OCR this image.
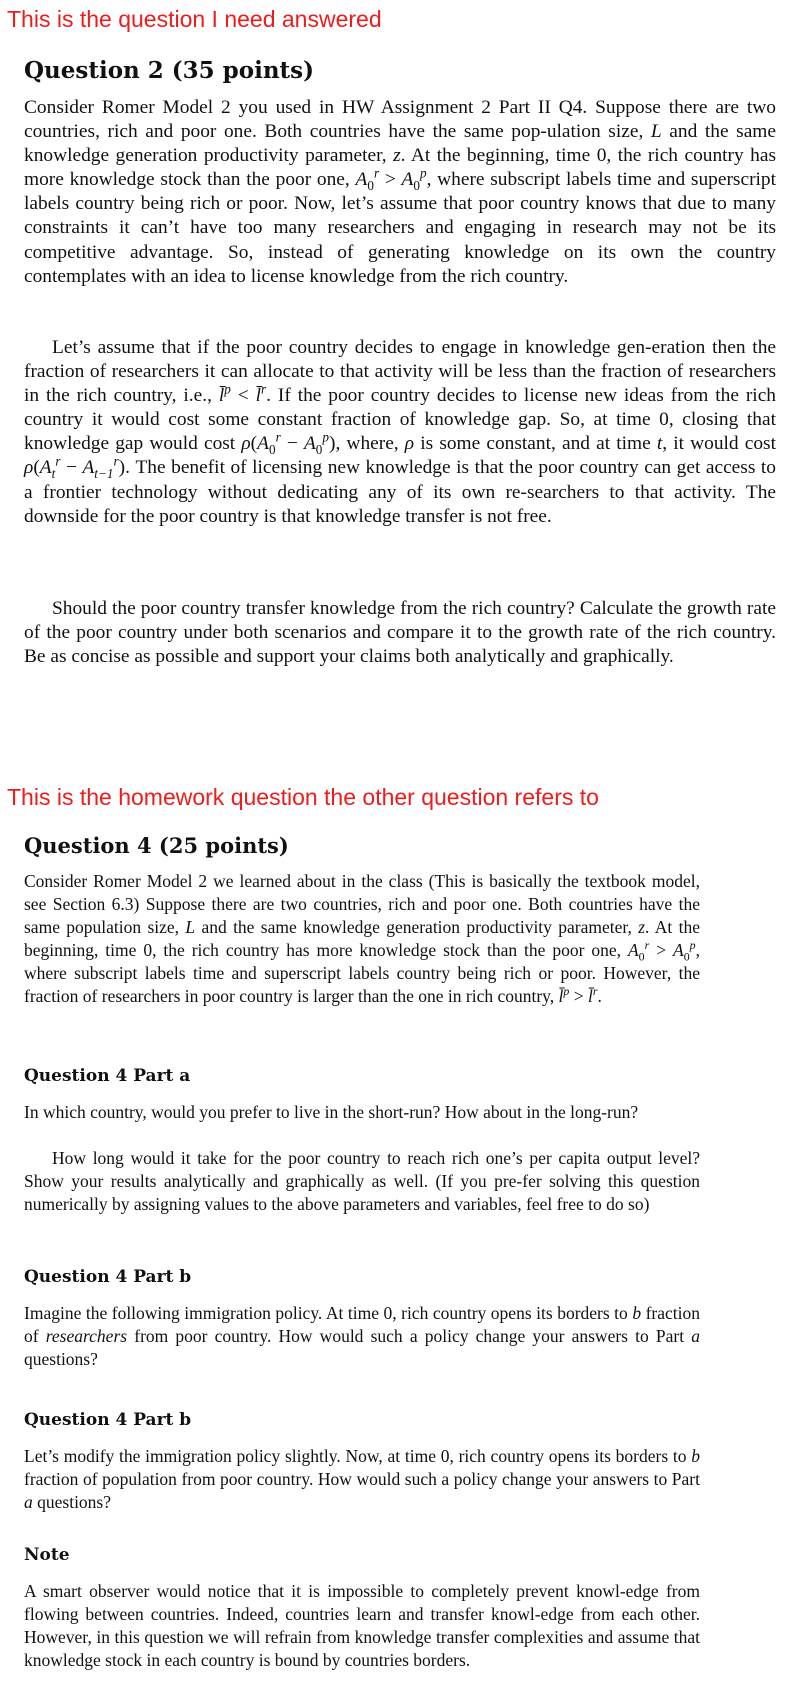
This is the question I need answered
Question 2 (35 points)

Consider Romer Model 2 you used in HW Assignment 2 Part II Q4. Suppose there are two countries, rich and poor one. Both countries have the same pop-ulation size, L and the same knowledge generation productivity parameter, z. At the beginning, time 0, the rich country has more knowledge stock than the poor one, $A_0^r > A_0^p$, where subscript labels time and superscript labels country being rich or poor. Now, let’s assume that poor country knows that due to many constraints it can’t have too many researchers and engaging in research may not be its competitive advantage. So, instead of generating knowledge on its own the country contemplates with an idea to license knowledge from the rich country.

Let’s assume that if the poor country decides to engage in knowledge gen-eration then the fraction of researchers it can allocate to that activity will be less than the fraction of researchers in the rich country, i.e., l̄$^p$ < l̄$^r$. If the poor country decides to license new ideas from the rich country it would cost some constant fraction of knowledge gap. So, at time 0, closing that knowledge gap would cost $\rho(A_0^r - A_0^p)$, where, ρ is some constant, and at time t, it would cost $\rho(A_t^r - A_{t-1}^r)$. The benefit of licensing new knowledge is that the poor country can get access to a frontier technology without dedicating any of its own re-searchers to that activity. The downside for the poor country is that knowledge transfer is not free.

Should the poor country transfer knowledge from the rich country? Calculate the growth rate of the poor country under both scenarios and compare it to the growth rate of the rich country. Be as concise as possible and support your claims both analytically and graphically.

This is the homework question the other question refers to
Question 4 (25 points)

Consider Romer Model 2 we learned about in the class (This is basically the textbook model, see Section 6.3) Suppose there are two countries, rich and poor one. Both countries have the same population size, L and the same knowledge generation productivity parameter, z. At the beginning, time 0, the rich country has more knowledge stock than the poor one, $A_0^r > A_0^p$, where subscript labels time and superscript labels country being rich or poor. However, the fraction of researchers in poor country is larger than the one in rich country, l̄$^p$ > l̄$^r$.

Question 4 Part a

In which country, would you prefer to live in the short-run? How about in the long-run?

How long would it take for the poor country to reach rich one’s per capita output level? Show your results analytically and graphically as well. (If you pre-fer solving this question numerically by assigning values to the above parameters and variables, feel free to do so)

Question 4 Part b

Imagine the following immigration policy. At time 0, rich country opens its borders to b fraction of researchers from poor country. How would such a policy change your answers to Part a questions?

Question 4 Part b

Let’s modify the immigration policy slightly. Now, at time 0, rich country opens its borders to b fraction of population from poor country. How would such a policy change your answers to Part a questions?

Note

A smart observer would notice that it is impossible to completely prevent knowl-edge from flowing between countries. Indeed, countries learn and transfer knowl-edge from each other. However, in this question we will refrain from knowledge transfer complexities and assume that knowledge stock in each country is bound by countries borders.
